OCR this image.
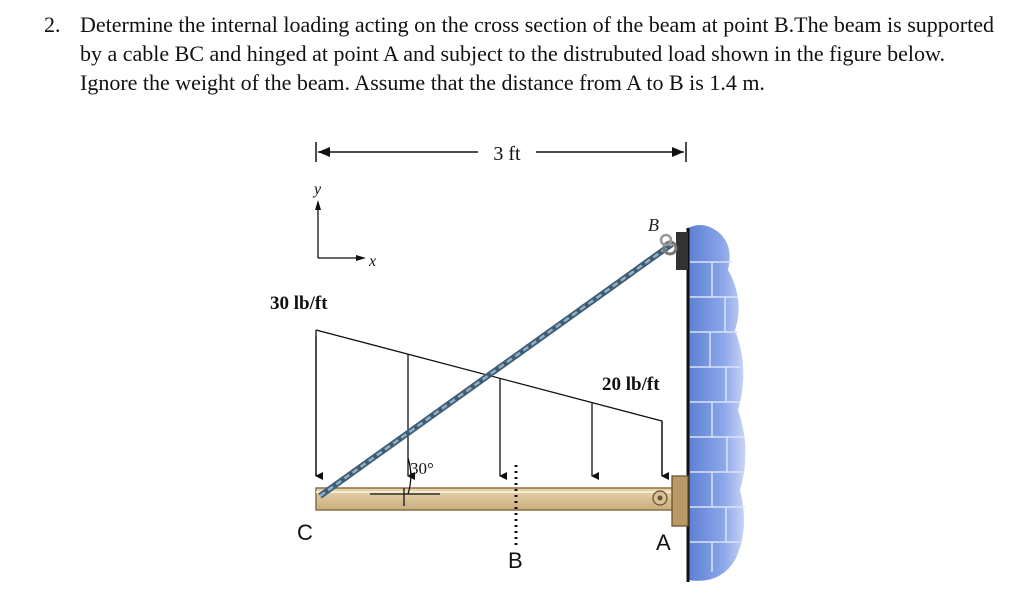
2. Determine the internal loading acting on the cross section of the beam at point B.The beam is supported by a cable BC and hinged at point A and subject to the distrubuted load shown in the figure below. Ignore the weight of the beam. Assume that the distance from A to B is 1.4 m.
3 ft
y
x
30 lb/ft
20 lb/ft
30°
B
C	A
B
